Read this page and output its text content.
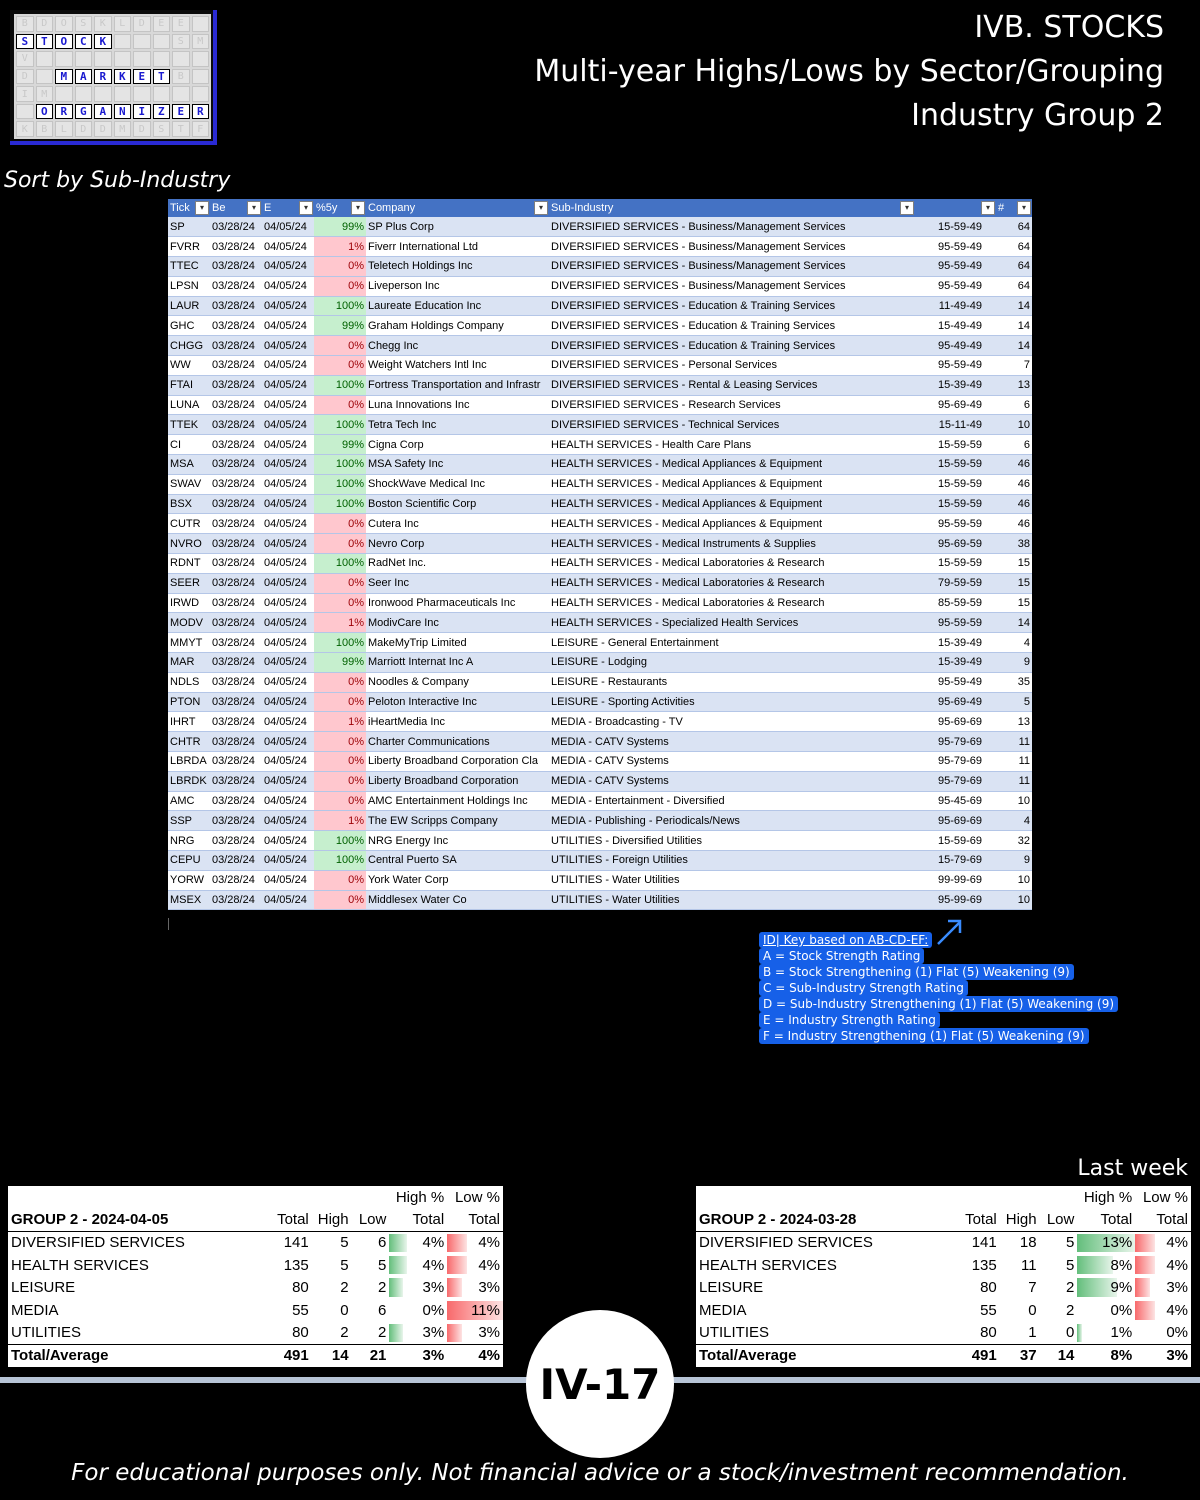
B	D	O	S	K	L	D	E	E
S	T	O	C	K	S	M
V
D	M	A	R	K	E	T	B
I	M
O	R	G	A	N	I	Z	E	R
K	B	L	D	D	M	D	S	T	F
IVB. STOCKS
Multi-year Highs/Lows by Sector/Grouping
Industry Group 2
Sort by Sub-Industry
Tick ▾	Be ▾	E ▾	%5y ▾	Company ▾	Sub-Industry ▾	▾	# ▾

SP	03/28/24	04/05/24	99%	SP Plus Corp	DIVERSIFIED SERVICES - Business/Management Services	15-59-49	64
FVRR	03/28/24	04/05/24	1%	Fiverr International Ltd	DIVERSIFIED SERVICES - Business/Management Services	95-59-49	64
TTEC	03/28/24	04/05/24	0%	Teletech Holdings Inc	DIVERSIFIED SERVICES - Business/Management Services	95-59-49	64
LPSN	03/28/24	04/05/24	0%	Liveperson Inc	DIVERSIFIED SERVICES - Business/Management Services	95-59-49	64
LAUR	03/28/24	04/05/24	100%	Laureate Education Inc	DIVERSIFIED SERVICES - Education & Training Services	11-49-49	14
GHC	03/28/24	04/05/24	99%	Graham Holdings Company	DIVERSIFIED SERVICES - Education & Training Services	15-49-49	14
CHGG	03/28/24	04/05/24	0%	Chegg Inc	DIVERSIFIED SERVICES - Education & Training Services	95-49-49	14
WW	03/28/24	04/05/24	0%	Weight Watchers Intl Inc	DIVERSIFIED SERVICES - Personal Services	95-59-49	7
FTAI	03/28/24	04/05/24	100%	Fortress Transportation and Infrastr	DIVERSIFIED SERVICES - Rental & Leasing Services	15-39-49	13
LUNA	03/28/24	04/05/24	0%	Luna Innovations Inc	DIVERSIFIED SERVICES - Research Services	95-69-49	6
TTEK	03/28/24	04/05/24	100%	Tetra Tech Inc	DIVERSIFIED SERVICES - Technical Services	15-11-49	10
CI	03/28/24	04/05/24	99%	Cigna Corp	HEALTH SERVICES - Health Care Plans	15-59-59	6
MSA	03/28/24	04/05/24	100%	MSA Safety Inc	HEALTH SERVICES - Medical Appliances & Equipment	15-59-59	46
SWAV	03/28/24	04/05/24	100%	ShockWave Medical Inc	HEALTH SERVICES - Medical Appliances & Equipment	15-59-59	46
BSX	03/28/24	04/05/24	100%	Boston Scientific Corp	HEALTH SERVICES - Medical Appliances & Equipment	15-59-59	46
CUTR	03/28/24	04/05/24	0%	Cutera Inc	HEALTH SERVICES - Medical Appliances & Equipment	95-59-59	46
NVRO	03/28/24	04/05/24	0%	Nevro Corp	HEALTH SERVICES - Medical Instruments & Supplies	95-69-59	38
RDNT	03/28/24	04/05/24	100%	RadNet Inc.	HEALTH SERVICES - Medical Laboratories & Research	15-59-59	15
SEER	03/28/24	04/05/24	0%	Seer Inc	HEALTH SERVICES - Medical Laboratories & Research	79-59-59	15
IRWD	03/28/24	04/05/24	0%	Ironwood Pharmaceuticals Inc	HEALTH SERVICES - Medical Laboratories & Research	85-59-59	15
MODV	03/28/24	04/05/24	1%	ModivCare Inc	HEALTH SERVICES - Specialized Health Services	95-59-59	14
MMYT	03/28/24	04/05/24	100%	MakeMyTrip Limited	LEISURE - General Entertainment	15-39-49	4
MAR	03/28/24	04/05/24	99%	Marriott Internat Inc A	LEISURE - Lodging	15-39-49	9
NDLS	03/28/24	04/05/24	0%	Noodles & Company	LEISURE - Restaurants	95-59-49	35
PTON	03/28/24	04/05/24	0%	Peloton Interactive Inc	LEISURE - Sporting Activities	95-69-49	5
IHRT	03/28/24	04/05/24	1%	iHeartMedia Inc	MEDIA - Broadcasting - TV	95-69-69	13
CHTR	03/28/24	04/05/24	0%	Charter Communications	MEDIA - CATV Systems	95-79-69	11
LBRDA	03/28/24	04/05/24	0%	Liberty Broadband Corporation Cla	MEDIA - CATV Systems	95-79-69	11
LBRDK	03/28/24	04/05/24	0%	Liberty Broadband Corporation	MEDIA - CATV Systems	95-79-69	11
AMC	03/28/24	04/05/24	0%	AMC Entertainment Holdings Inc	MEDIA - Entertainment - Diversified	95-45-69	10
SSP	03/28/24	04/05/24	1%	The EW Scripps Company	MEDIA - Publishing - Periodicals/News	95-69-69	4
NRG	03/28/24	04/05/24	100%	NRG Energy Inc	UTILITIES - Diversified Utilities	15-59-69	32
CEPU	03/28/24	04/05/24	100%	Central Puerto SA	UTILITIES - Foreign Utilities	15-79-69	9
YORW	03/28/24	04/05/24	0%	York Water Corp	UTILITIES - Water Utilities	99-99-69	10
MSEX	03/28/24	04/05/24	0%	Middlesex Water Co	UTILITIES - Water Utilities	95-99-69	10
ID| Key based on AB-CD-EF:
A = Stock Strength Rating
B = Stock Strengthening (1) Flat (5) Weakening (9)
C = Sub-Industry Strength Rating
D = Sub-Industry Strengthening (1) Flat (5) Weakening (9)
E = Industry Strength Rating
F = Industry Strengthening (1) Flat (5) Weakening (9)

Last week
				High %	Low %
GROUP 2 - 2024-04-05	Total	High	Low	Total	Total
DIVERSIFIED SERVICES	141	5	6	4%	4%
HEALTH SERVICES	135	5	5	4%	4%
LEISURE	80	2	2	3%	3%
MEDIA	55	0	6	0%	11%
UTILITIES	80	2	2	3%	3%
Total/Average	491	14	21	3%	4%
				High %	Low %
GROUP 2 - 2024-03-28	Total	High	Low	Total	Total
DIVERSIFIED SERVICES	141	18	5	13%	4%
HEALTH SERVICES	135	11	5	8%	4%
LEISURE	80	7	2	9%	3%
MEDIA	55	0	2	0%	4%
UTILITIES	80	1	0	1%	0%
Total/Average	491	37	14	8%	3%
IV-17
For educational purposes only. Not financial advice or a stock/investment recommendation.
